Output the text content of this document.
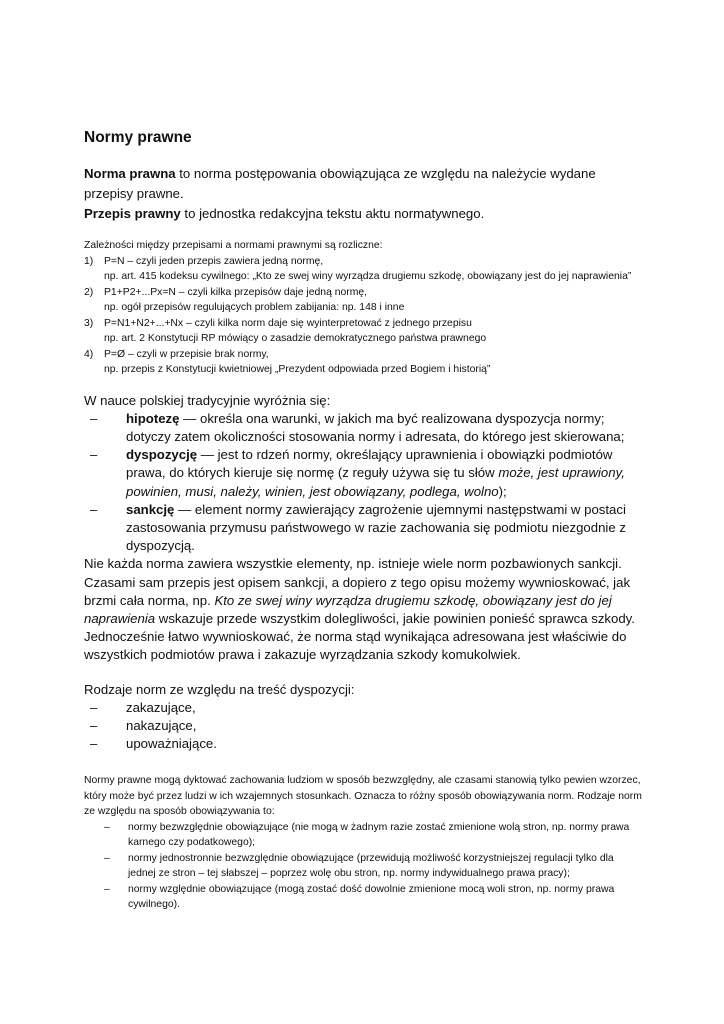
Normy prawne

Norma prawna to norma postępowania obowiązująca ze względu na należycie wydane przepisy prawne.

Przepis prawny to jednostka redakcyjna tekstu aktu normatywnego.

Zależności między przepisami a normami prawnymi są rozliczne:

1)	P=N – czyli jeden przepis zawiera jedną normę,
np. art. 415 kodeksu cywilnego: „Kto ze swej winy wyrządza drugiemu szkodę, obowiązany jest do jej naprawienia”
2)	P1+P2+...Px=N – czyli kilka przepisów daje jedną normę,
np. ogół przepisów regulujących problem zabijania: np. 148 i inne
3)	P=N1+N2+...+Nx – czyli kilka norm daje się wyinterpretować z jednego przepisu
np. art. 2 Konstytucji RP mówiący o zasadzie demokratycznego państwa prawnego
4)	P=Ø – czyli w przepisie brak normy,
np. przepis z Konstytucji kwietniowej „Prezydent odpowiada przed Bogiem i historią”

W nauce polskiej tradycyjnie wyróżnia się:

–	hipotezę — określa ona warunki, w jakich ma być realizowana dyspozycja normy; dotyczy zatem okoliczności stosowania normy i adresata, do którego jest skierowana;
–	dyspozycję — jest to rdzeń normy, określający uprawnienia i obowiązki podmiotów prawa, do których kieruje się normę (z reguły używa się tu słów może, jest uprawiony, powinien, musi, należy, winien, jest obowiązany, podlega, wolno);
–	sankcję — element normy zawierający zagrożenie ujemnymi następstwami w postaci zastosowania przymusu państwowego w razie zachowania się podmiotu niezgodnie z dyspozycją.

Nie każda norma zawiera wszystkie elementy, np. istnieje wiele norm pozbawionych sankcji. Czasami sam przepis jest opisem sankcji, a dopiero z tego opisu możemy wywnioskować, jak brzmi cała norma, np. Kto ze swej winy wyrządza drugiemu szkodę, obowiązany jest do jej naprawienia wskazuje przede wszystkim dolegliwości, jakie powinien ponieść sprawca szkody. Jednocześnie łatwo wywnioskować, że norma stąd wynikająca adresowana jest właściwie do wszystkich podmiotów prawa i zakazuje wyrządzania szkody komukolwiek.

Rodzaje norm ze względu na treść dyspozycji:

–	zakazujące,
–	nakazujące,
–	upoważniające.

Normy prawne mogą dyktować zachowania ludziom w sposób bezwzględny, ale czasami stanowią tylko pewien wzorzec, który może być przez ludzi w ich wzajemnych stosunkach. Oznacza to różny sposób obowiązywania norm. Rodzaje norm ze względu na sposób obowiązywania to:

–	normy bezwzględnie obowiązujące (nie mogą w żadnym razie zostać zmienione wolą stron, np. normy prawa karnego czy podatkowego);
–	normy jednostronnie bezwzględnie obowiązujące (przewidują możliwość korzystniejszej regulacji tylko dla jednej ze stron – tej słabszej – poprzez wolę obu stron, np. normy indywidualnego prawa pracy);
–	normy względnie obowiązujące (mogą zostać dość dowolnie zmienione mocą woli stron, np. normy prawa cywilnego).
